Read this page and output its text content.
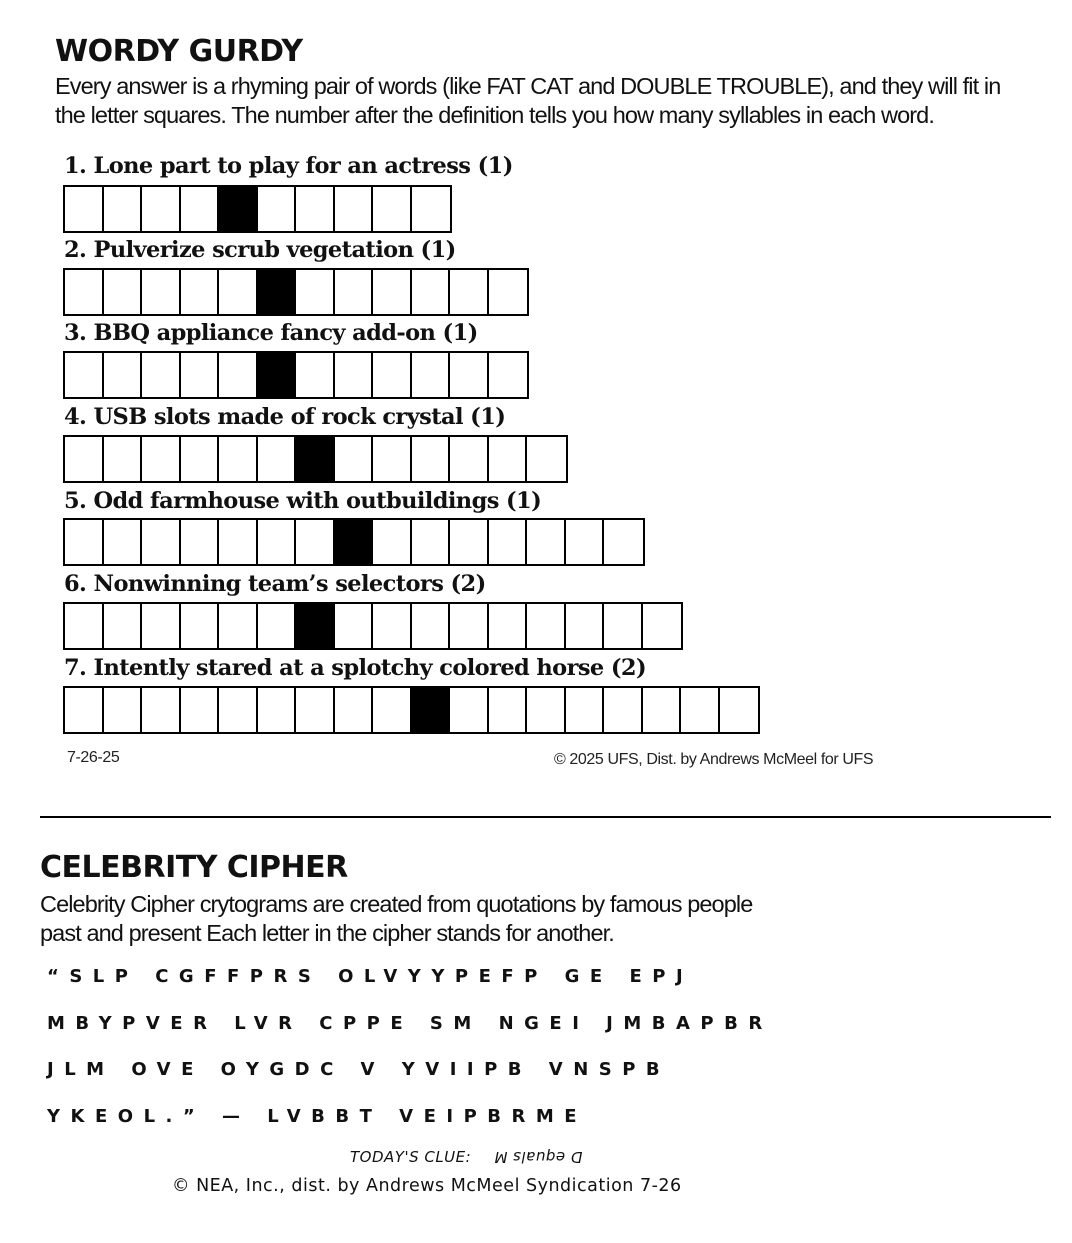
WORDY GURDY
Every answer is a rhyming pair of words (like FAT CAT and DOUBLE TROUBLE), and they will fit in
the letter squares. The number after the definition tells you how many syllables in each word.
1. Lone part to play for an actress (1)
2. Pulverize scrub vegetation (1)
3. BBQ appliance fancy add-on (1)
4. USB slots made of rock crystal (1)
5. Odd farmhouse with outbuildings (1)
6. Nonwinning team’s selectors (2)
7. Intently stared at a splotchy colored horse (2)
7-26-25	© 2025 UFS, Dist. by Andrews McMeel for UFS
CELEBRITY CIPHER
Celebrity Cipher crytograms are created from quotations by famous people
past and present Each letter in the cipher stands for another.
“SLP CGFFPRS OLVYYPEFP GE EPJ
MBYPVER LVR CPPE SM NGEI JMBAPBR
JLM OVE OYGDC V YVIIPB VNSPB
YKEOL.” — LVBBT VEIPBRME
TODAY'S CLUE: D equals M
© NEA, Inc., dist. by Andrews McMeel Syndication 7-26
